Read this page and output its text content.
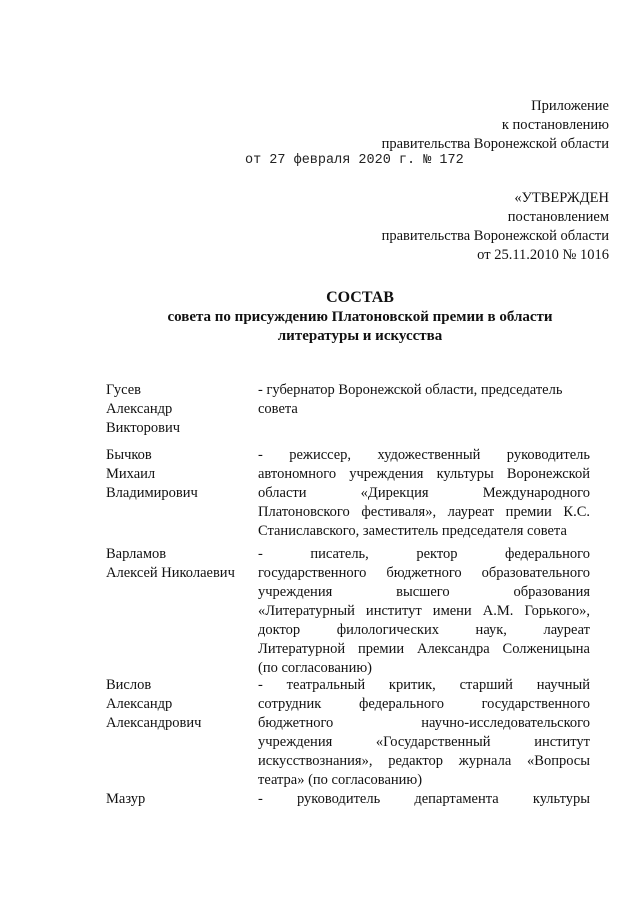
Приложение
к постановлению
правительства Воронежской области
от 27 февраля 2020 г. № 172
«УТВЕРЖДЕН
постановлением
правительства Воронежской области
от 25.11.2010 № 1016
СОСТАВ
совета по присуждению Платоновской премии в области
литературы и искусства
Гусев
Александр
Викторович
- губернатор Воронежской области, председатель
совета
Бычков
Михаил
Владимирович
- режиссер, художественный руководитель
автономного учреждения культуры Воронежской
области «Дирекция Международного
Платоновского фестиваля», лауреат премии К.С.
Станиславского, заместитель председателя совета
Варламов
Алексей Николаевич
- писатель, ректор федерального
государственного бюджетного образовательного
учреждения высшего образования
«Литературный институт имени А.М. Горького»,
доктор филологических наук, лауреат
Литературной премии Александра Солженицына
(по согласованию)
Вислов
Александр
Александрович
- театральный критик, старший научный
сотрудник федерального государственного
бюджетного научно-исследовательского
учреждения «Государственный институт
искусствознания», редактор журнала «Вопросы
театра» (по согласованию)
Мазур	- руководитель департамента культуры
